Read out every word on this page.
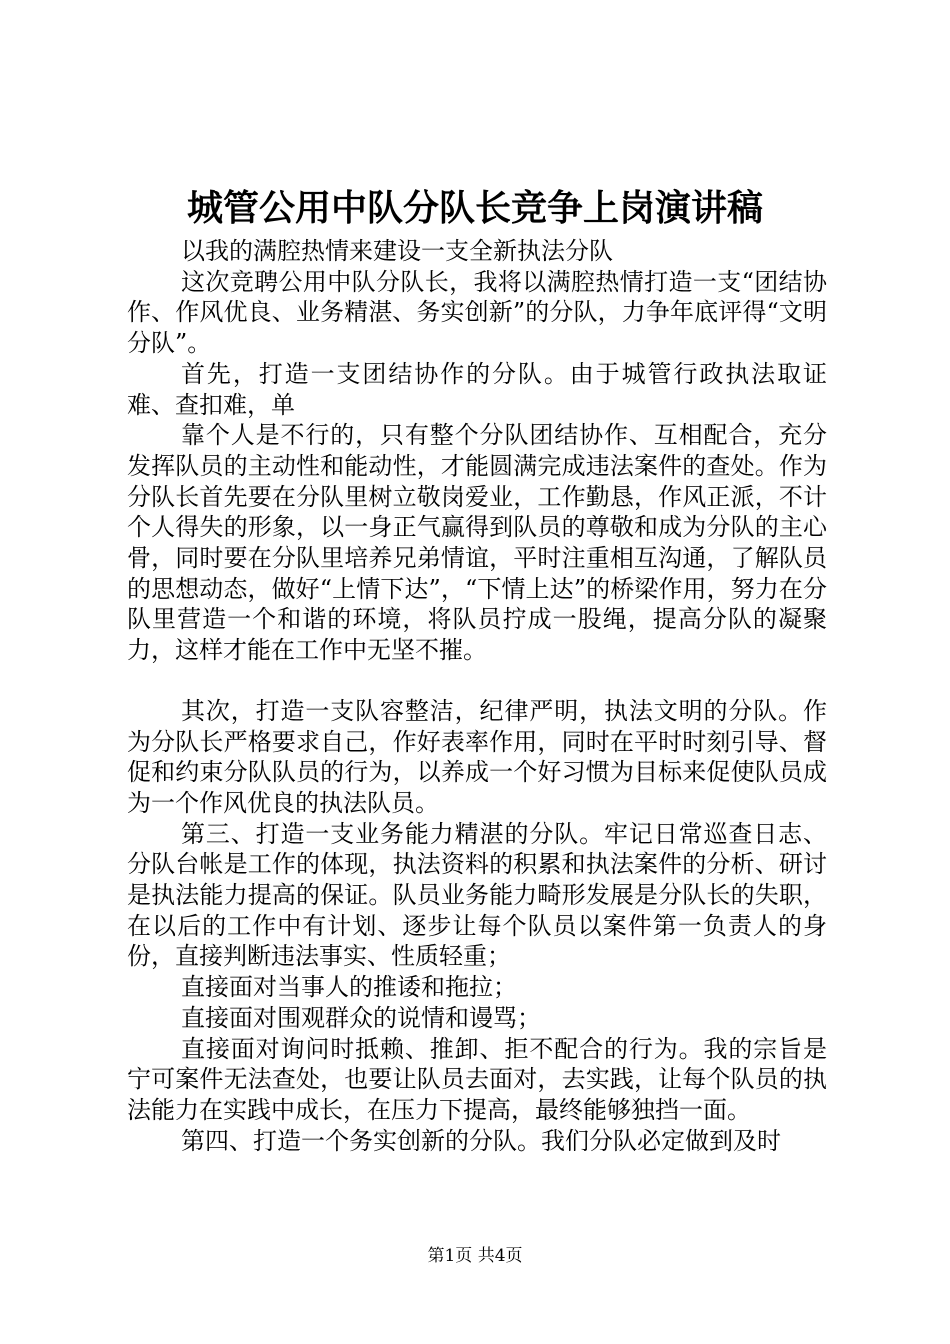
城管公用中队分队长竞争上岗演讲稿

以我的满腔热情来建设一支全新执法分队

这次竞聘公用中队分队长，我将以满腔热情打造一支“团结协作、作风优良、业务精湛、务实创新”的分队，力争年底评得“文明分队”。

首先，打造一支团结协作的分队。由于城管行政执法取证难、查扣难，单

靠个人是不行的，只有整个分队团结协作、互相配合，充分发挥队员的主动性和能动性，才能圆满完成违法案件的查处。作为分队长首先要在分队里树立敬岗爱业，工作勤恳，作风正派，不计个人得失的形象，以一身正气赢得到队员的尊敬和成为分队的主心骨，同时要在分队里培养兄弟情谊，平时注重相互沟通，了解队员的思想动态，做好“上情下达”，“下情上达”的桥梁作用，努力在分队里营造一个和谐的环境，将队员拧成一股绳，提高分队的凝聚力，这样才能在工作中无坚不摧。

其次，打造一支队容整洁，纪律严明，执法文明的分队。作为分队长严格要求自己，作好表率作用，同时在平时时刻引导、督促和约束分队队员的行为，以养成一个好习惯为目标来促使队员成为一个作风优良的执法队员。

第三、打造一支业务能力精湛的分队。牢记日常巡查日志、分队台帐是工作的体现，执法资料的积累和执法案件的分析、研讨是执法能力提高的保证。队员业务能力畸形发展是分队长的失职，在以后的工作中有计划、逐步让每个队员以案件第一负责人的身份，直接判断违法事实、性质轻重；

直接面对当事人的推诿和拖拉；

直接面对围观群众的说情和谩骂；

直接面对询问时抵赖、推卸、拒不配合的行为。我的宗旨是宁可案件无法查处，也要让队员去面对，去实践，让每个队员的执法能力在实践中成长，在压力下提高，最终能够独挡一面。

第四、打造一个务实创新的分队。我们分队必定做到及时

第1页 共4页
